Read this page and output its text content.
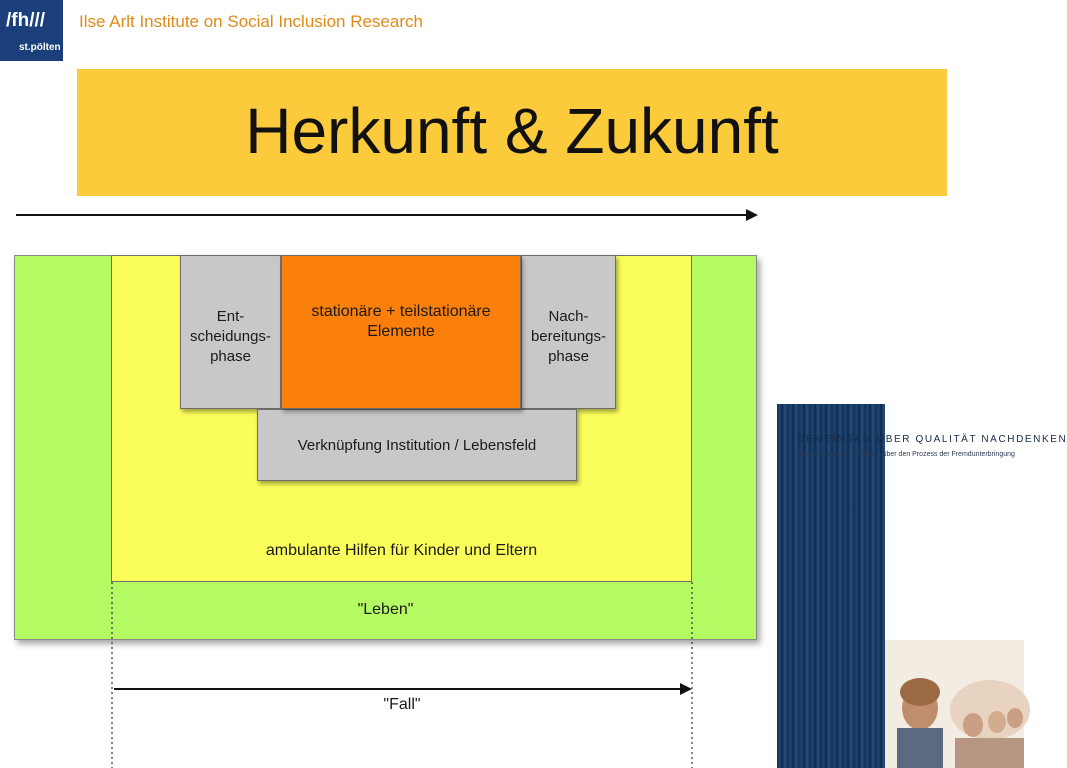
/fh///
st.pölten
Ilse Arlt Institute on Social Inclusion Research
Herkunft & Zukunft
Ent-
scheidungs-
phase
Nach-
bereitungs-
phase
stationäre + teilstationäre
Elemente
Verknüpfung Institution / Lebensfeld
ambulante Hilfen für Kinder und Eltern
"Leben"
"Fall"
GEMEINSAM ÜBER QUALITÄT NACHDENKEN
Ein Leitfaden zur Reflexion über den Prozess der Fremdunterbringung
